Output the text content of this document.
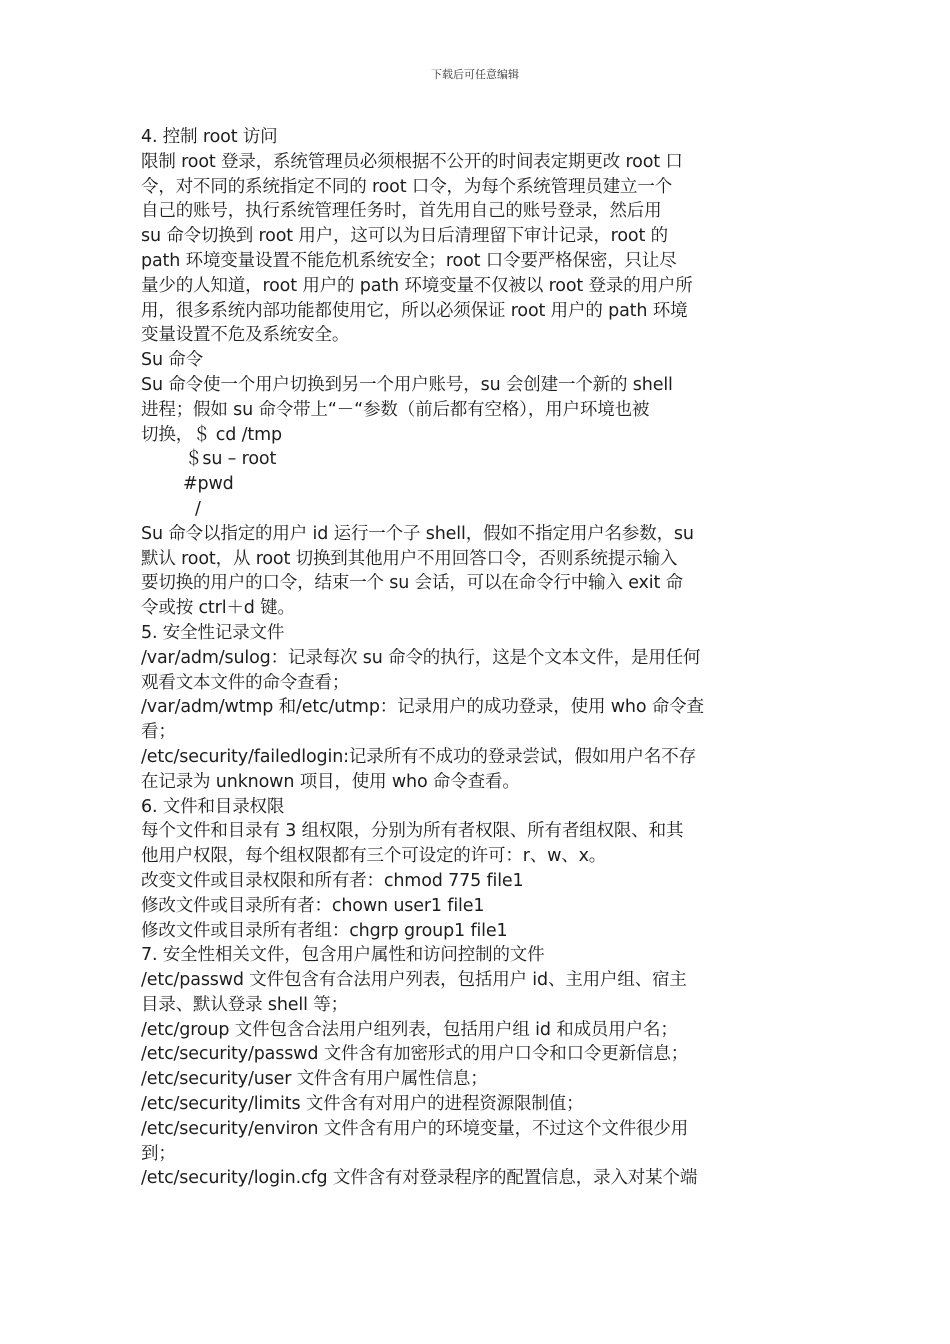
下载后可任意编辑
4. 控制 root 访问
限制 root 登录，系统管理员必须根据不公开的时间表定期更改 root 口
令，对不同的系统指定不同的 root 口令，为每个系统管理员建立一个
自己的账号，执行系统管理任务时，首先用自己的账号登录，然后用
su 命令切换到 root 用户，这可以为日后清理留下审计记录，root 的
path 环境变量设置不能危机系统安全；root 口令要严格保密，只让尽
量少的人知道，root 用户的 path 环境变量不仅被以 root 登录的用户所
用，很多系统内部功能都使用它，所以必须保证 root 用户的 path 环境
变量设置不危及系统安全。
Su 命令
Su 命令使一个用户切换到另一个用户账号，su 会创建一个新的 shell
进程；假如 su 命令带上“－“参数（前后都有空格），用户环境也被
切换，＄ cd /tmp
＄su – root
#pwd
/
Su 命令以指定的用户 id 运行一个子 shell，假如不指定用户名参数，su
默认 root，从 root 切换到其他用户不用回答口令，否则系统提示输入
要切换的用户的口令，结束一个 su 会话，可以在命令行中输入 exit 命
令或按 ctrl＋d 键。
5. 安全性记录文件
/var/adm/sulog：记录每次 su 命令的执行，这是个文本文件，是用任何
观看文本文件的命令查看；
/var/adm/wtmp 和/etc/utmp：记录用户的成功登录，使用 who 命令查
看；
/etc/security/failedlogin:记录所有不成功的登录尝试，假如用户名不存
在记录为 unknown 项目，使用 who 命令查看。
6. 文件和目录权限
每个文件和目录有 3 组权限，分别为所有者权限、所有者组权限、和其
他用户权限，每个组权限都有三个可设定的许可：r、w、x。
改变文件或目录权限和所有者：chmod 775 file1
修改文件或目录所有者：chown user1 file1
修改文件或目录所有者组：chgrp group1 file1
7. 安全性相关文件，包含用户属性和访问控制的文件
/etc/passwd 文件包含有合法用户列表，包括用户 id、主用户组、宿主
目录、默认登录 shell 等；
/etc/group 文件包含合法用户组列表，包括用户组 id 和成员用户名；
/etc/security/passwd 文件含有加密形式的用户口令和口令更新信息；
/etc/security/user 文件含有用户属性信息；
/etc/security/limits 文件含有对用户的进程资源限制值；
/etc/security/environ 文件含有用户的环境变量，不过这个文件很少用
到；
/etc/security/login.cfg 文件含有对登录程序的配置信息，录入对某个端
